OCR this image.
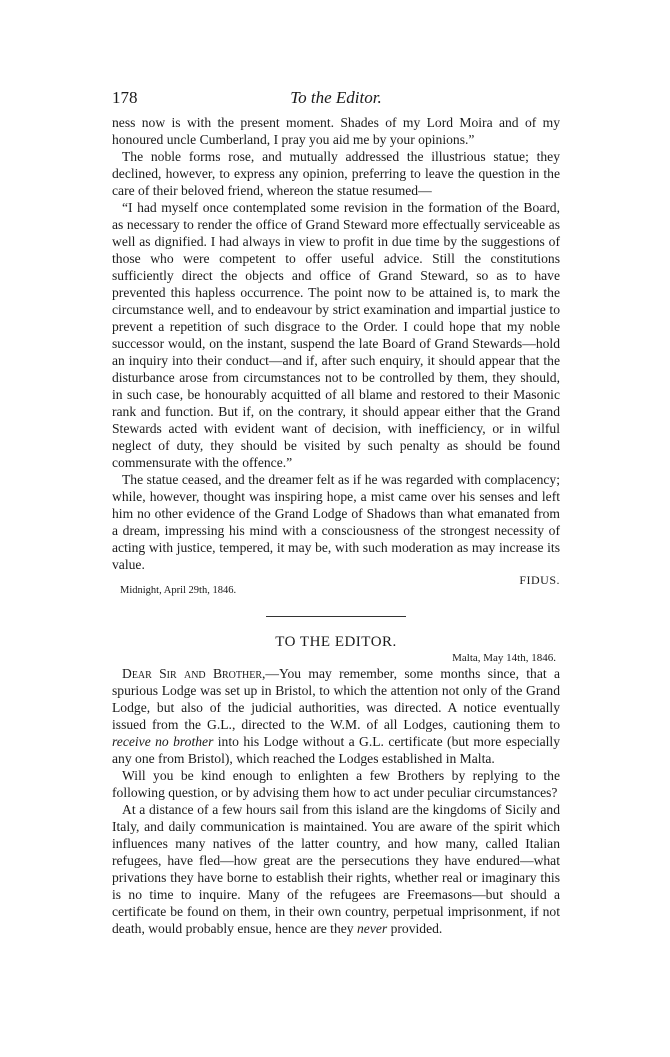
178	To the Editor.

ness now is with the present moment. Shades of my Lord Moira and of my honoured uncle Cumberland, I pray you aid me by your opinions.”

The noble forms rose, and mutually addressed the illustrious statue; they declined, however, to express any opinion, preferring to leave the question in the care of their beloved friend, whereon the statue resumed—

“I had myself once contemplated some revision in the formation of the Board, as necessary to render the office of Grand Steward more effectually serviceable as well as dignified. I had always in view to profit in due time by the suggestions of those who were competent to offer useful advice. Still the constitutions sufficiently direct the objects and office of Grand Steward, so as to have prevented this hapless occurrence. The point now to be attained is, to mark the circumstance well, and to endeavour by strict examination and impartial justice to prevent a repetition of such disgrace to the Order. I could hope that my noble successor would, on the instant, suspend the late Board of Grand Stewards—hold an inquiry into their conduct—and if, after such enquiry, it should appear that the disturbance arose from circumstances not to be controlled by them, they should, in such case, be honourably acquitted of all blame and restored to their Masonic rank and function. But if, on the contrary, it should appear either that the Grand Stewards acted with evident want of decision, with inefficiency, or in wilful neglect of duty, they should be visited by such penalty as should be found commensurate with the offence.”

The statue ceased, and the dreamer felt as if he was regarded with complacency; while, however, thought was inspiring hope, a mist came over his senses and left him no other evidence of the Grand Lodge of Shadows than what emanated from a dream, impressing his mind with a consciousness of the strongest necessity of acting with justice, tempered, it may be, with such moderation as may increase its value.

FIDUS.
Midnight, April 29th, 1846.
TO THE EDITOR.
Malta, May 14th, 1846.

Dear Sir and Brother,—You may remember, some months since, that a spurious Lodge was set up in Bristol, to which the attention not only of the Grand Lodge, but also of the judicial authorities, was directed. A notice eventually issued from the G.L., directed to the W.M. of all Lodges, cautioning them to receive no brother into his Lodge without a G.L. certificate (but more especially any one from Bristol), which reached the Lodges established in Malta.

Will you be kind enough to enlighten a few Brothers by replying to the following question, or by advising them how to act under peculiar circumstances?

At a distance of a few hours sail from this island are the kingdoms of Sicily and Italy, and daily communication is maintained. You are aware of the spirit which influences many natives of the latter country, and how many, called Italian refugees, have fled—how great are the persecutions they have endured—what privations they have borne to establish their rights, whether real or imaginary this is no time to inquire. Many of the refugees are Freemasons—but should a certificate be found on them, in their own country, perpetual imprisonment, if not death, would probably ensue, hence are they never provided.
